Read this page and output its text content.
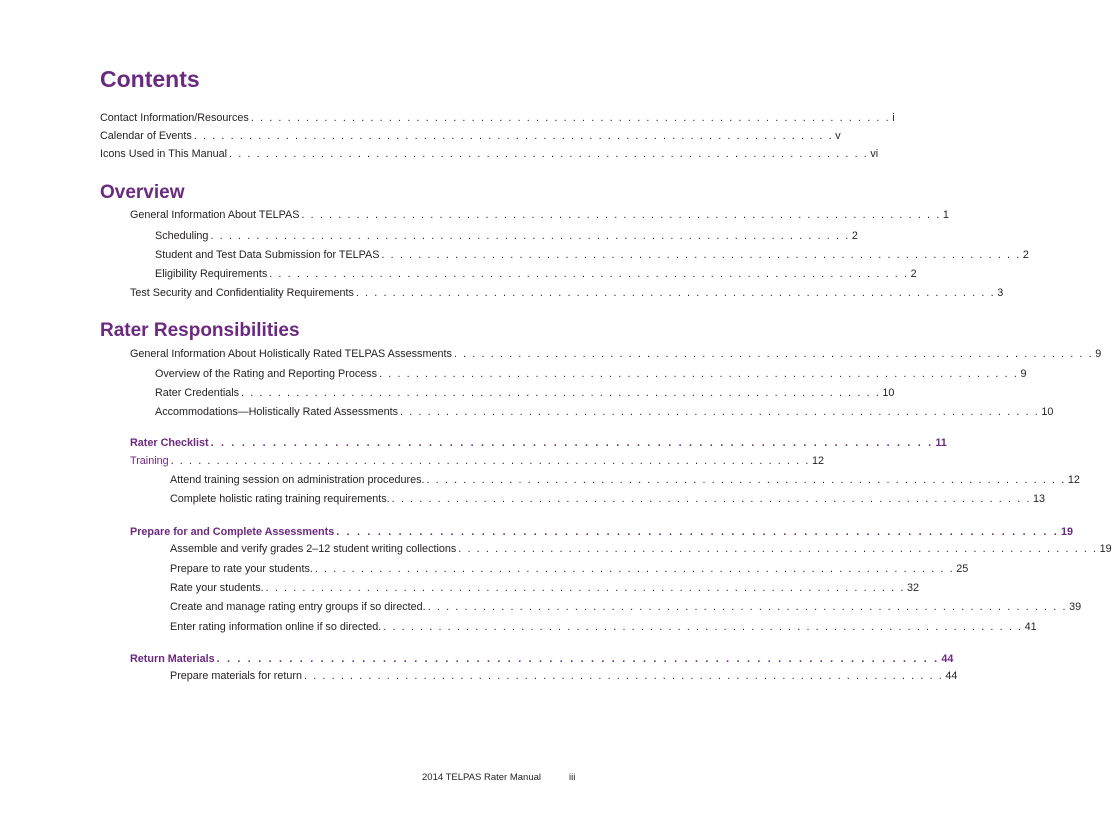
Contents
Contact Information/Resources . . . . . . . . . . . . . . . . . . . . . . . . . . . . . . . . . . . . . . . . . . . . . . . . . . . . . . . . . . . . . . . . . . . . . . i
Calendar of Events . . . . . . . . . . . . . . . . . . . . . . . . . . . . . . . . . . . . . . . . . . . . . . . . . . . . . . . . . . . . . . . . . . . . . . v
Icons Used in This Manual . . . . . . . . . . . . . . . . . . . . . . . . . . . . . . . . . . . . . . . . . . . . . . . . . . . . . . . . . . . . . . . . . . . . . . vi
Overview
General Information About TELPAS . . . . . . . . . . . . . . . . . . . . . . . . . . . . . . . . . . . . . . . . . . . . . . . . . . . . . . . . . . . . . . . . . . . . . . 1
Scheduling . . . . . . . . . . . . . . . . . . . . . . . . . . . . . . . . . . . . . . . . . . . . . . . . . . . . . . . . . . . . . . . . . . . . . . 2
Student and Test Data Submission for TELPAS . . . . . . . . . . . . . . . . . . . . . . . . . . . . . . . . . . . . . . . . . . . . . . . . . . . . . . . . . . . . . . . . . . . . . . 2
Eligibility Requirements . . . . . . . . . . . . . . . . . . . . . . . . . . . . . . . . . . . . . . . . . . . . . . . . . . . . . . . . . . . . . . . . . . . . . . 2
Test Security and Confidentiality Requirements . . . . . . . . . . . . . . . . . . . . . . . . . . . . . . . . . . . . . . . . . . . . . . . . . . . . . . . . . . . . . . . . . . . . . . 3
Rater Responsibilities
General Information About Holistically Rated TELPAS Assessments . . . . . . . . . . . . . . . . . . . . . . . . . . . . . . . . . . . . . . . . . . . . . . . . . . . . . . . . . . . . . . . . . . . . . . 9
Overview of the Rating and Reporting Process . . . . . . . . . . . . . . . . . . . . . . . . . . . . . . . . . . . . . . . . . . . . . . . . . . . . . . . . . . . . . . . . . . . . . . 9
Rater Credentials . . . . . . . . . . . . . . . . . . . . . . . . . . . . . . . . . . . . . . . . . . . . . . . . . . . . . . . . . . . . . . . . . . . . . . 10
Accommodations—Holistically Rated Assessments . . . . . . . . . . . . . . . . . . . . . . . . . . . . . . . . . . . . . . . . . . . . . . . . . . . . . . . . . . . . . . . . . . . . . . 10
Rater Checklist . . . . . . . . . . . . . . . . . . . . . . . . . . . . . . . . . . . . . . . . . . . . . . . . . . . . . . . . . . . . . . . . . . . . . . 11
Training . . . . . . . . . . . . . . . . . . . . . . . . . . . . . . . . . . . . . . . . . . . . . . . . . . . . . . . . . . . . . . . . . . . . . . 12
Attend training session on administration procedures. . . . . . . . . . . . . . . . . . . . . . . . . . . . . . . . . . . . . . . . . . . . . . . . . . . . . . . . . . . . . . . . . . . . . . . 12
Complete holistic rating training requirements. . . . . . . . . . . . . . . . . . . . . . . . . . . . . . . . . . . . . . . . . . . . . . . . . . . . . . . . . . . . . . . . . . . . . . . 13
Prepare for and Complete Assessments . . . . . . . . . . . . . . . . . . . . . . . . . . . . . . . . . . . . . . . . . . . . . . . . . . . . . . . . . . . . . . . . . . . . . . 19
Assemble and verify grades 2–12 student writing collections . . . . . . . . . . . . . . . . . . . . . . . . . . . . . . . . . . . . . . . . . . . . . . . . . . . . . . . . . . . . . . . . . . . . . . 19
Prepare to rate your students. . . . . . . . . . . . . . . . . . . . . . . . . . . . . . . . . . . . . . . . . . . . . . . . . . . . . . . . . . . . . . . . . . . . . . . 25
Rate your students. . . . . . . . . . . . . . . . . . . . . . . . . . . . . . . . . . . . . . . . . . . . . . . . . . . . . . . . . . . . . . . . . . . . . . . 32
Create and manage rating entry groups if so directed. . . . . . . . . . . . . . . . . . . . . . . . . . . . . . . . . . . . . . . . . . . . . . . . . . . . . . . . . . . . . . . . . . . . . . . 39
Enter rating information online if so directed. . . . . . . . . . . . . . . . . . . . . . . . . . . . . . . . . . . . . . . . . . . . . . . . . . . . . . . . . . . . . . . . . . . . . . . 41
Return Materials . . . . . . . . . . . . . . . . . . . . . . . . . . . . . . . . . . . . . . . . . . . . . . . . . . . . . . . . . . . . . . . . . . . . . . 44
Prepare materials for return . . . . . . . . . . . . . . . . . . . . . . . . . . . . . . . . . . . . . . . . . . . . . . . . . . . . . . . . . . . . . . . . . . . . . . 44
2014 TELPAS Rater Manual	iii
